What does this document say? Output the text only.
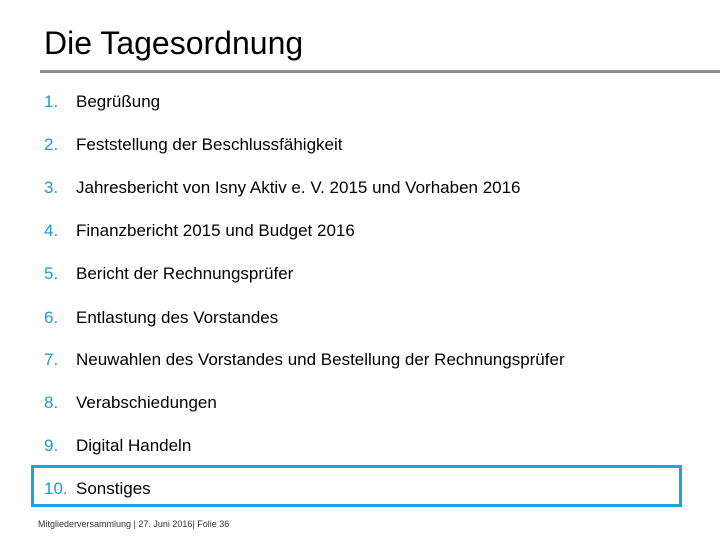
Die Tagesordnung
1. Begrüßung
2. Feststellung der Beschlussfähigkeit
3. Jahresbericht von Isny Aktiv e. V. 2015 und Vorhaben 2016
4. Finanzbericht 2015 und Budget 2016
5. Bericht der Rechnungsprüfer
6. Entlastung des Vorstandes
7. Neuwahlen des Vorstandes und Bestellung der Rechnungsprüfer
8. Verabschiedungen
9. Digital Handeln
10. Sonstiges
Mitgliederversammlung | 27. Juni 2016| Folie 36
